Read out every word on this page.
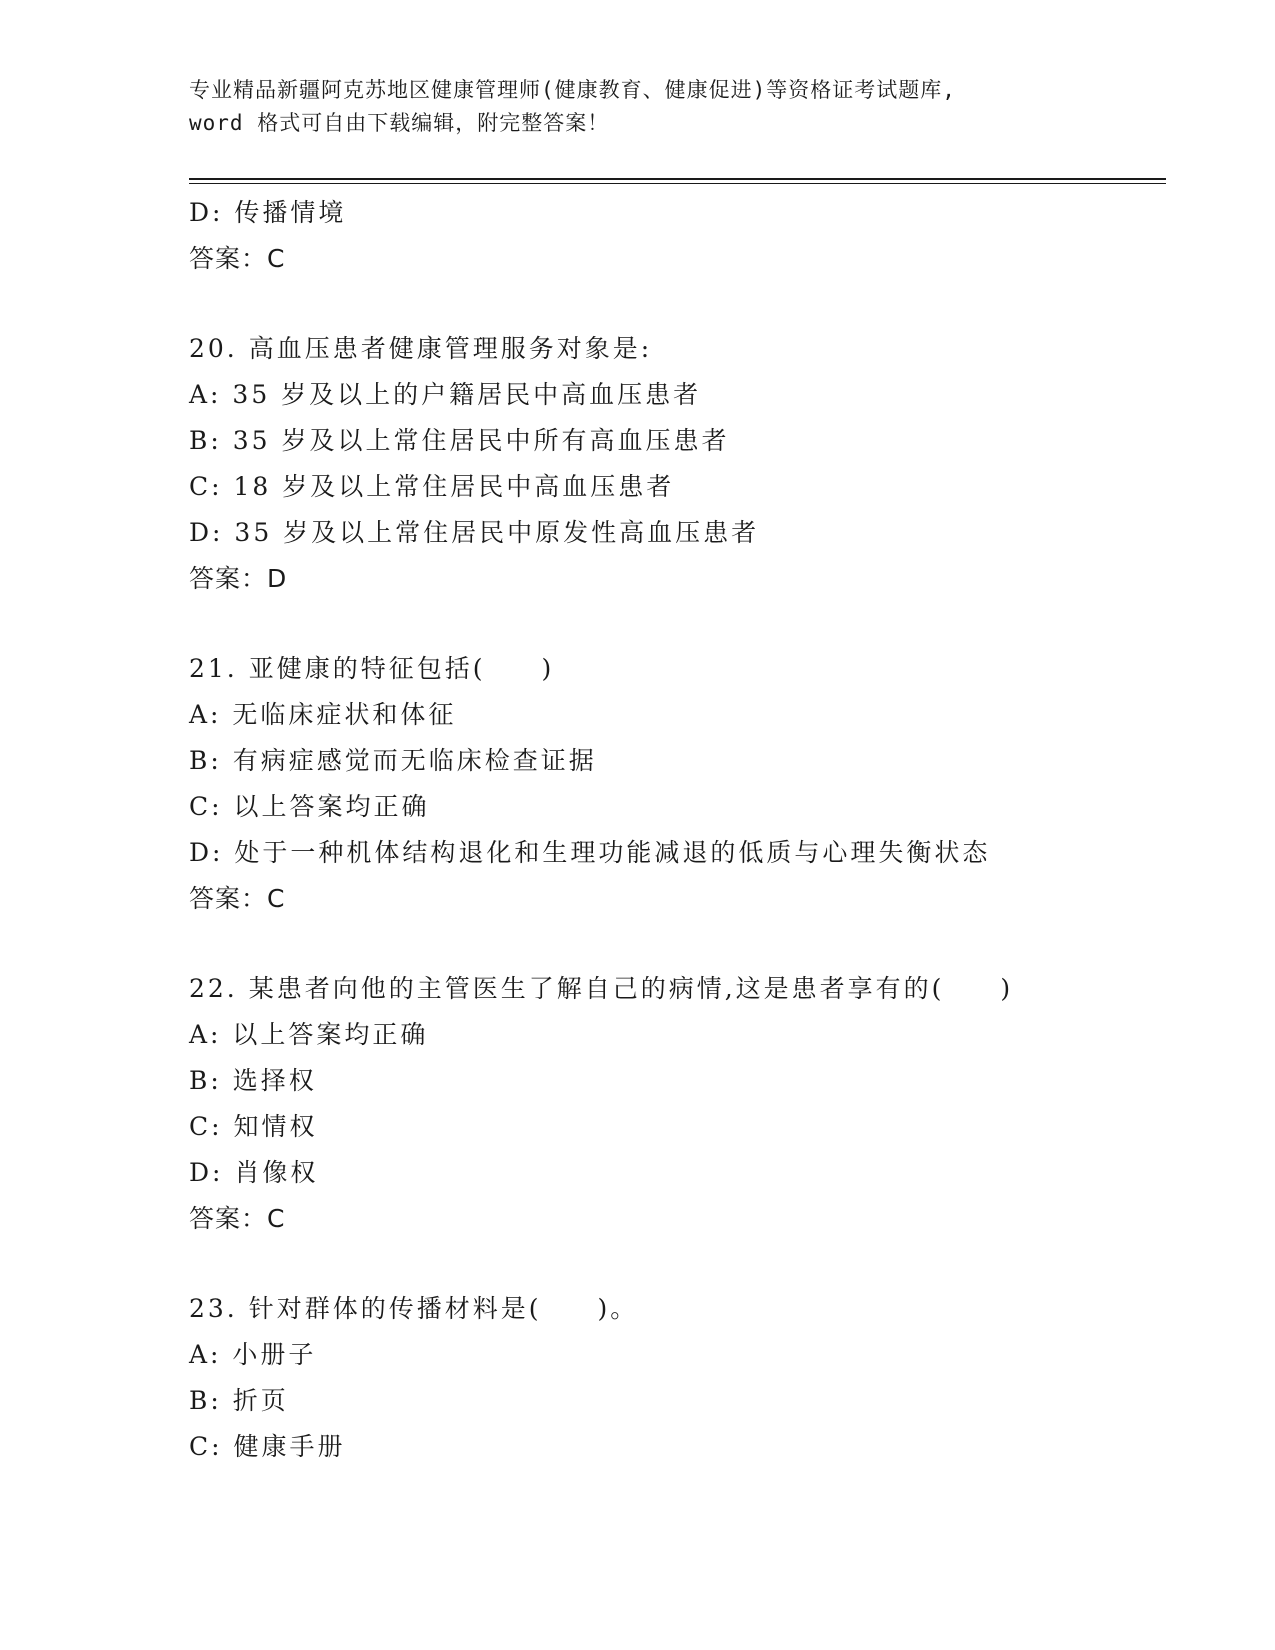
专业精品新疆阿克苏地区健康管理师(健康教育、健康促进)等资格证考试题库,
word 格式可自由下载编辑，附完整答案！
D: 传播情境
答案：C
20. 高血压患者健康管理服务对象是:
A: 35 岁及以上的户籍居民中高血压患者
B: 35 岁及以上常住居民中所有高血压患者
C: 18 岁及以上常住居民中高血压患者
D: 35 岁及以上常住居民中原发性高血压患者
答案：D
21. 亚健康的特征包括(　　)
A: 无临床症状和体征
B: 有病症感觉而无临床检查证据
C: 以上答案均正确
D: 处于一种机体结构退化和生理功能减退的低质与心理失衡状态
答案：C
22. 某患者向他的主管医生了解自己的病情,这是患者享有的(　　)
A: 以上答案均正确
B: 选择权
C: 知情权
D: 肖像权
答案：C
23. 针对群体的传播材料是(　　)。
A: 小册子
B: 折页
C: 健康手册
